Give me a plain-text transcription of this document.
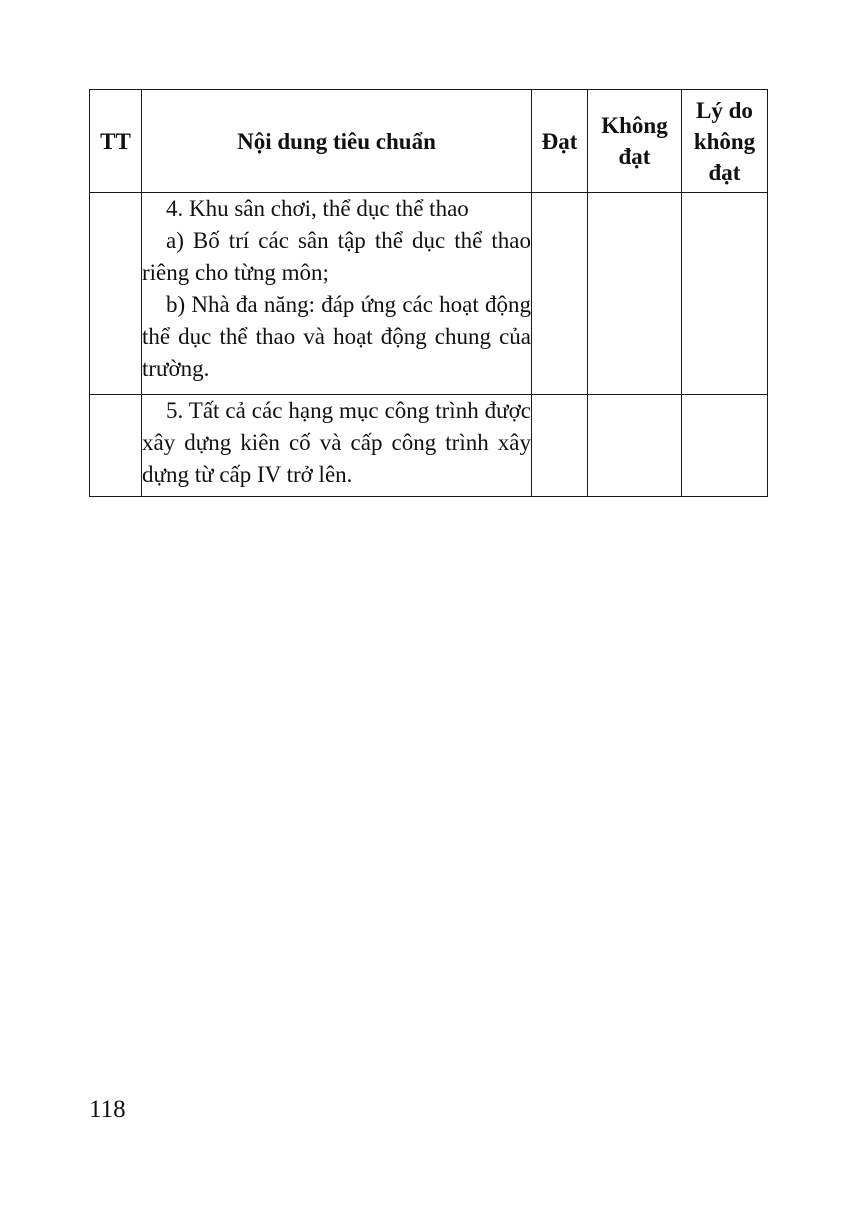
TT	Nội dung tiêu chuẩn	Đạt	Không đạt	Lý do không đạt

	4. Khu sân chơi, thể dục thể thao

a) Bố trí các sân tập thể dục thể thao riêng cho từng môn;

b) Nhà đa năng: đáp ứng các hoạt động thể dục thể thao và hoạt động chung của trường.			

	5. Tất cả các hạng mục công trình được xây dựng kiên cố và cấp công trình xây dựng từ cấp IV trở lên.			

118
